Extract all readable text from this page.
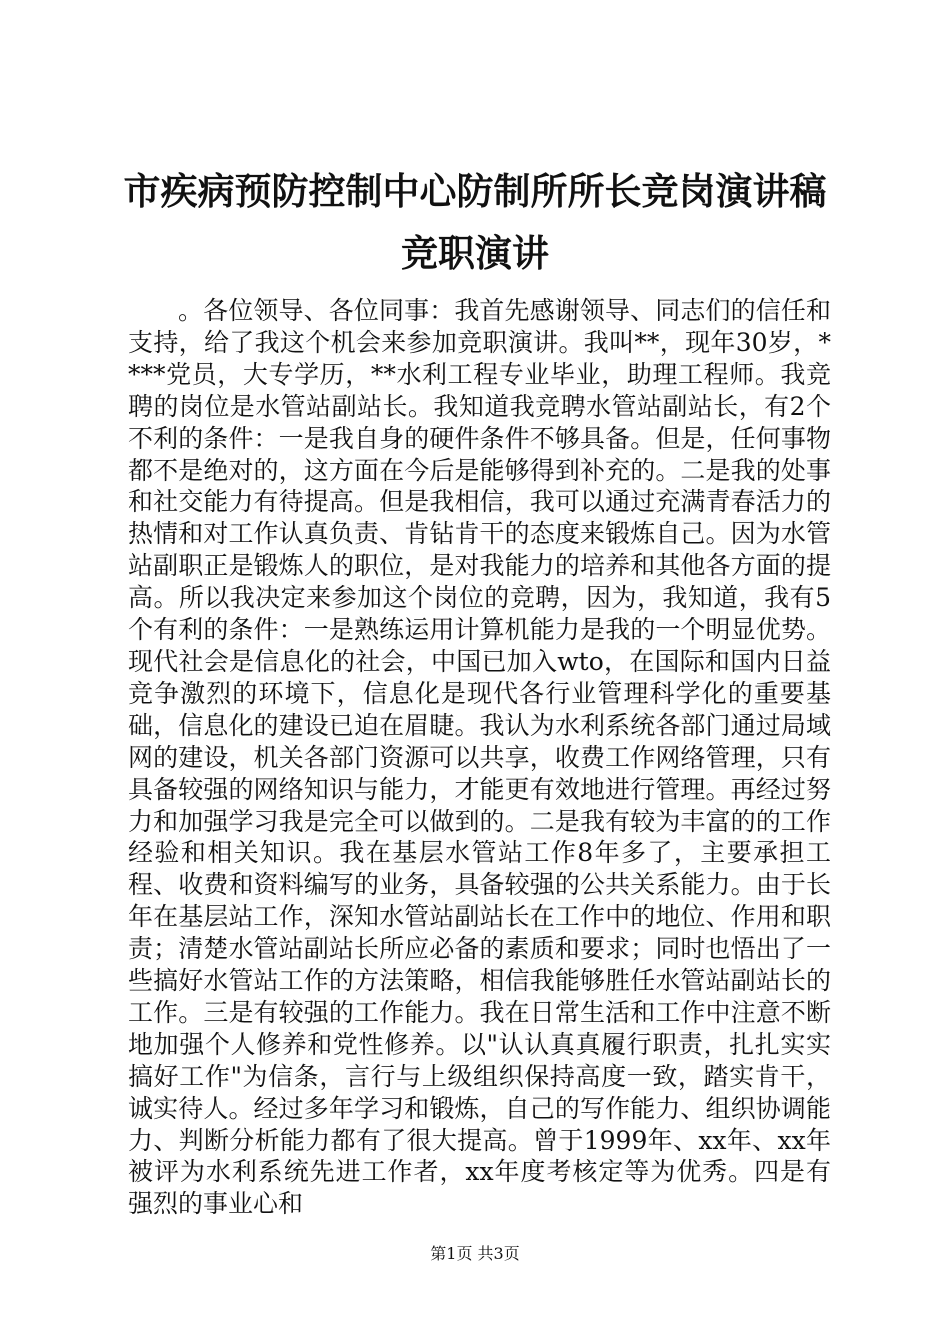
市疾病预防控制中心防制所所长竞岗演讲稿竞职演讲

。各位领导、各位同事：我首先感谢领导、同志们的信任和支持，给了我这个机会来参加竞职演讲。我叫**，现年30岁，****党员，大专学历，**水利工程专业毕业，助理工程师。我竞聘的岗位是水管站副站长。我知道我竞聘水管站副站长，有2个不利的条件：一是我自身的硬件条件不够具备。但是，任何事物都不是绝对的，这方面在今后是能够得到补充的。二是我的处事和社交能力有待提高。但是我相信，我可以通过充满青春活力的热情和对工作认真负责、肯钻肯干的态度来锻炼自己。因为水管站副职正是锻炼人的职位，是对我能力的培养和其他各方面的提高。所以我决定来参加这个岗位的竞聘，因为，我知道，我有5个有利的条件：一是熟练运用计算机能力是我的一个明显优势。现代社会是信息化的社会，中国已加入wto，在国际和国内日益竞争激烈的环境下，信息化是现代各行业管理科学化的重要基础，信息化的建设已迫在眉睫。我认为水利系统各部门通过局域网的建设，机关各部门资源可以共享，收费工作网络管理，只有具备较强的网络知识与能力，才能更有效地进行管理。再经过努力和加强学习我是完全可以做到的。二是我有较为丰富的的工作经验和相关知识。我在基层水管站工作8年多了，主要承担工程、收费和资料编写的业务，具备较强的公共关系能力。由于长年在基层站工作，深知水管站副站长在工作中的地位、作用和职责；清楚水管站副站长所应必备的素质和要求；同时也悟出了一些搞好水管站工作的方法策略，相信我能够胜任水管站副站长的工作。三是有较强的工作能力。我在日常生活和工作中注意不断地加强个人修养和党性修养。以"认认真真履行职责，扎扎实实搞好工作"为信条，言行与上级组织保持高度一致，踏实肯干，诚实待人。经过多年学习和锻炼，自己的写作能力、组织协调能力、判断分析能力都有了很大提高。曾于1999年、xx年、xx年被评为水利系统先进工作者，xx年度考核定等为优秀。四是有强烈的事业心和

第1页 共3页
